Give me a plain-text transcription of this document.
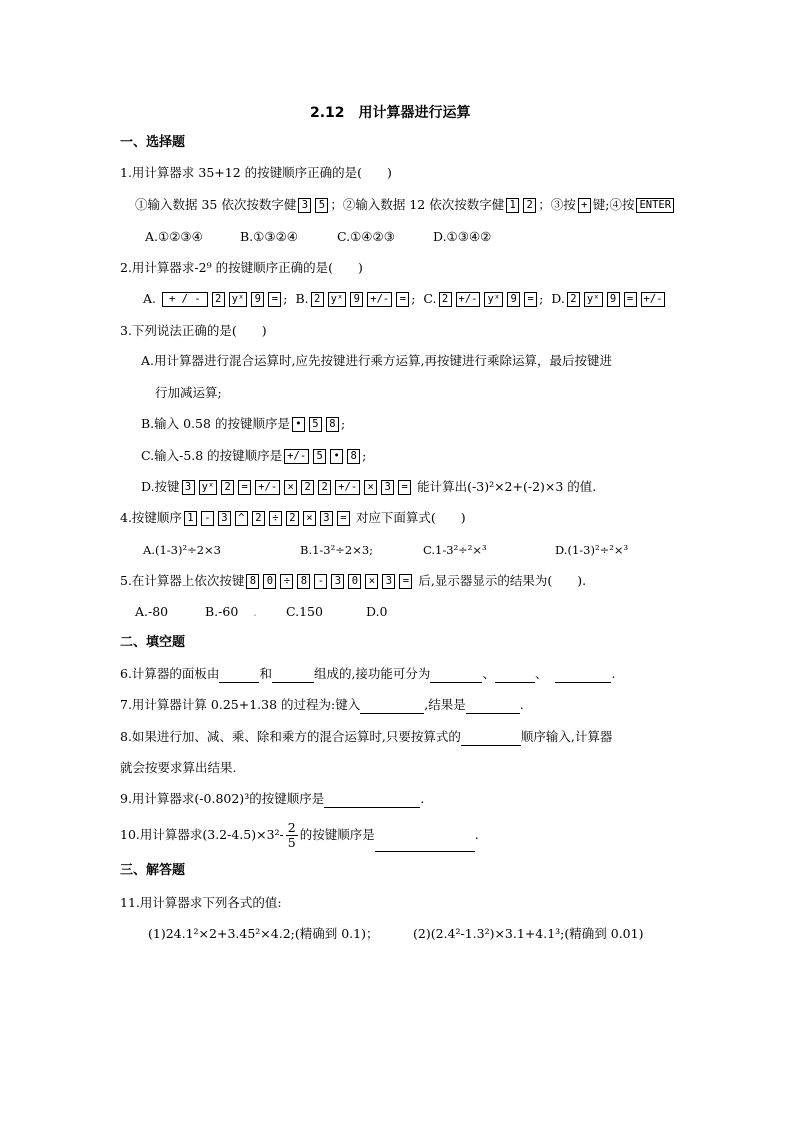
2.12　用计算器进行运算
一、选择题
1.用计算器求 35+12 的按键顺序正确的是(　　)
①输入数据 35 依次按数字健 3 5 ；②输入数据 12 依次按数字健 1 2 ；③按 + 键;④按 ENTER
A.①②③④	B.①③②④	C.①④②③	D.①③④②
2.用计算器求-2⁹ 的按键顺序正确的是(　　)
A. + / - 2 yˣ 9 = ;  B. 2 yˣ 9 +/- = ;  C. 2 +/- yˣ 9 = ;  D. 2 yˣ 9 = +/-
3.下列说法正确的是(　　)
A.用计算器进行混合运算时,应先按键进行乘方运算,再按键进行乘除运算，最后按键进
行加减运算;
B.输入 0.58 的按键顺序是 • 5 8 ;
C.输入-5.8 的按键顺序是 +/- 5 • 8 ;
D.按键 3 yˣ 2 = +/- × 2 2 +/- × 3 = 能计算出(-3)²×2+(-2)×3 的值.
4.按键顺序 1 - 3 ^ 2 ÷ 2 × 3 = 对应下面算式(　　)
A.(1-3)²÷2×3	B.1-3²÷2×3;	C.1-3²÷²×³	D.(1-3)²÷²×³
5.在计算器上依次按键 8 0 ÷ 8 - 3 0 × 3 = 后,显示器显示的结果为(　　).
A.-80	B.-60 . C.150	D.0
二、填空题
6.计算器的面板由	和	组成的,接功能可分为	、	、	.
7.用计算器计算 0.25+1.38 的过程为:键入	,结果是	.
8.如果进行加、减、乘、除和乘方的混合运算时,只要按算式的	顺序输入,计算器
就会按要求算出结果.
9.用计算器求(-0.802)³的按键顺序是	.
10.用计算器求$(3.2-4.5)\times 3^2- \frac{2}{5}$ 的按键顺序是	.
三、解答题
11.用计算器求下列各式的值:
(1)24.1²×2+3.45²×4.2;(精确到 0.1)；	(2)(2.4²-1.3²)×3.1+4.1³;(精确到 0.01)
